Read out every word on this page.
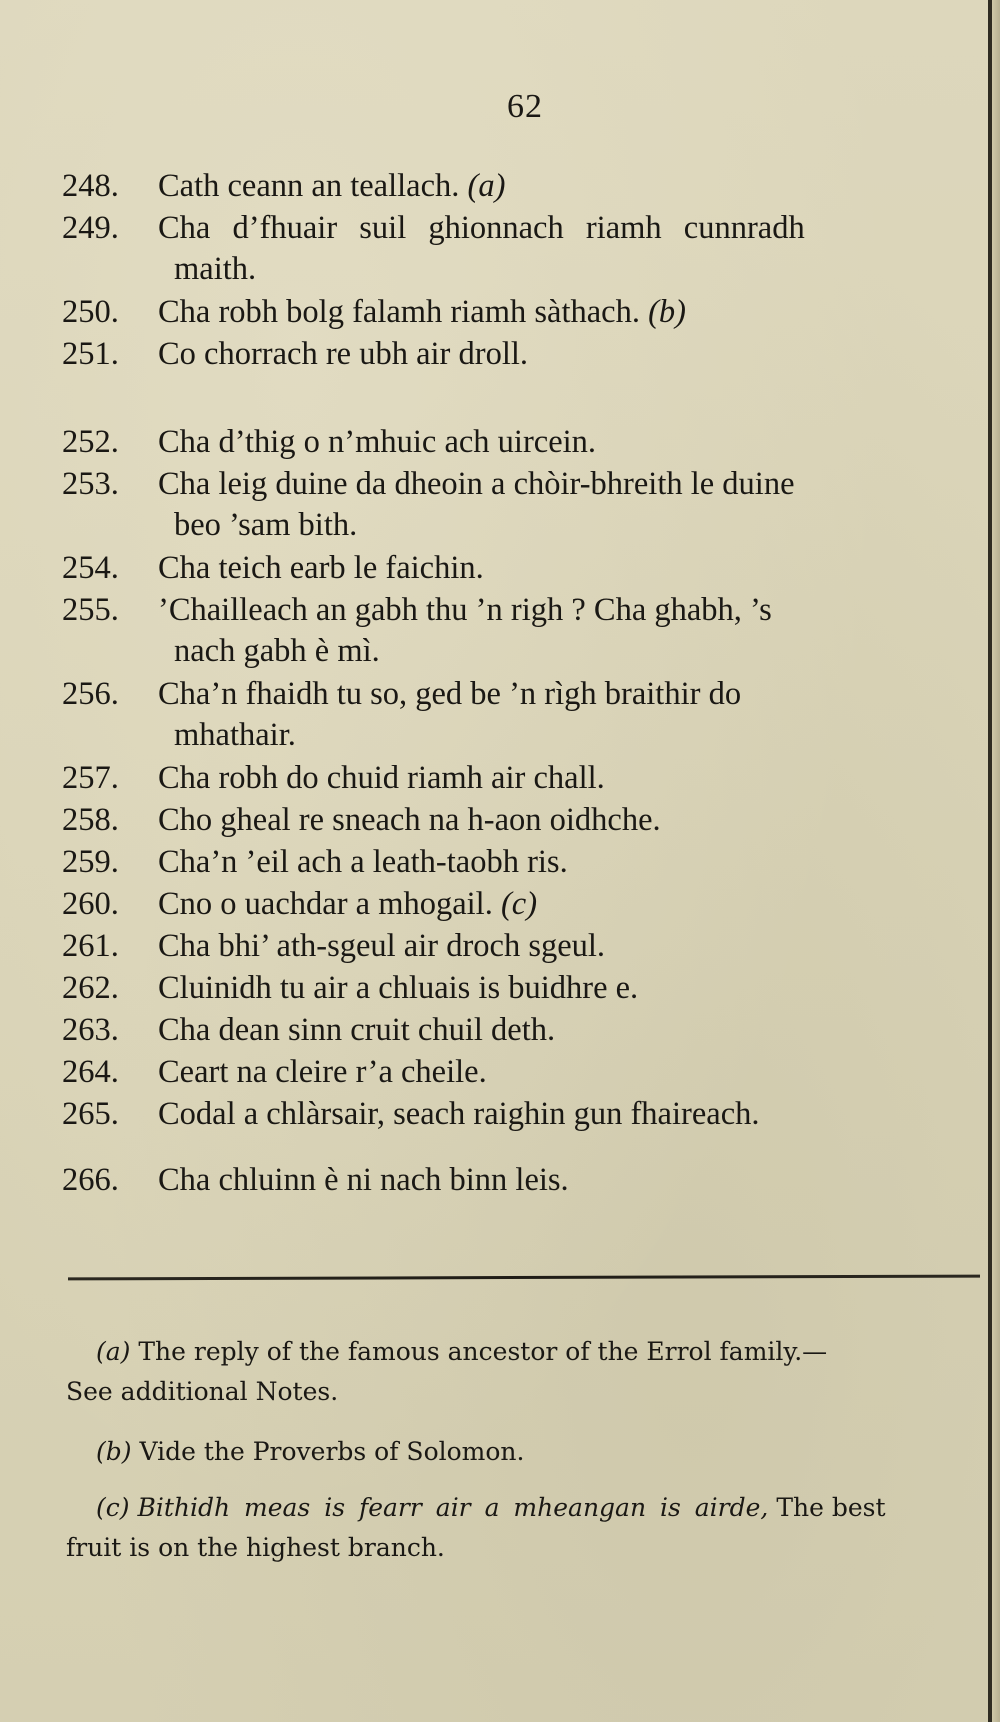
62
248. Cath ceann an teallach. (a)
249. Cha d’fhuair suil ghionnach riamh cunnradh
maith.
250. Cha robh bolg falamh riamh sàthach. (b)
251. Co chorrach re ubh air droll.
252. Cha d’thig o n’mhuic ach uircein.
253. Cha leig duine da dheoin a chòir-bhreith le duine
beo ’sam bith.
254. Cha teich earb le faichin.
255. ’Chailleach an gabh thu ’n righ ? Cha ghabh, ’s
nach gabh è mì.
256. Cha’n fhaidh tu so, ged be ’n rìgh braithir do
mhathair.
257. Cha robh do chuid riamh air chall.
258. Cho gheal re sneach na h-aon oidhche.
259. Cha’n ’eil ach a leath-taobh ris.
260. Cno o uachdar a mhogail. (c)
261. Cha bhi’ ath-sgeul air droch sgeul.
262. Cluinidh tu air a chluais is buidhre e.
263. Cha dean sinn cruit chuil deth.
264. Ceart na cleire r’a cheile.
265. Codal a chlàrsair, seach raighin gun fhaireach.
266. Cha chluinn è ni nach binn leis.
(a) The reply of the famous ancestor of the Errol family.—
See additional Notes.
(b) Vide the Proverbs of Solomon.
(c) Bithidh meas is fearr air a mheangan is airde, The best
fruit is on the highest branch.
